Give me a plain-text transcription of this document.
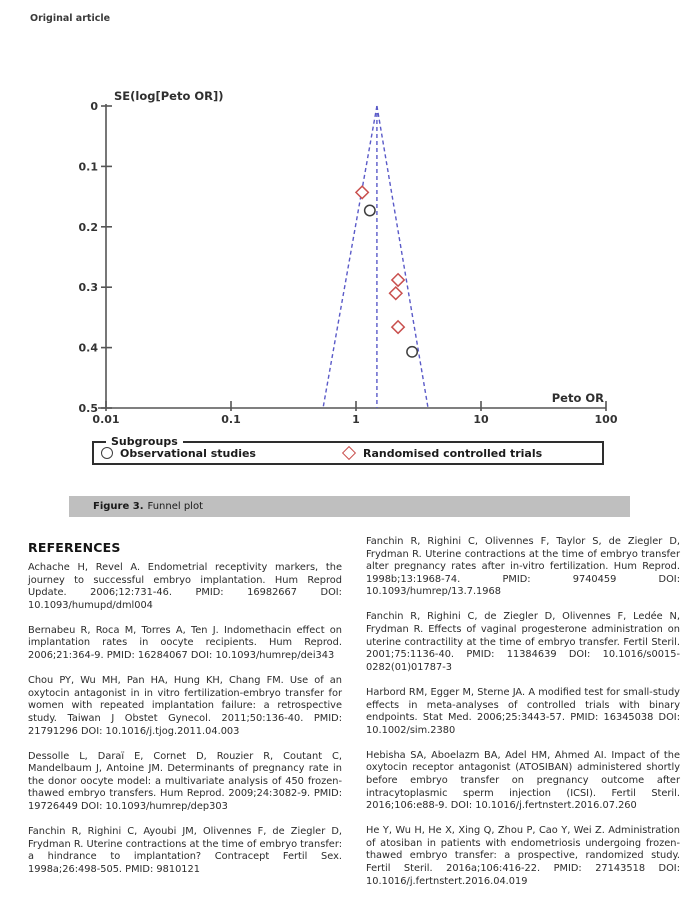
Original article
0
0.1
0.2
0.3
0.4
0.5
0.01	0.1	1	10	100
SE(log[Peto OR])
Peto OR
Subgroups
Observational studies	Randomised controlled trials
Figure 3. Funnel plot
REFERENCES

Achache H, Revel A. Endometrial receptivity markers, the journey to successful embryo implantation. Hum Reprod Update. 2006;12:731-46. PMID: 16982667 DOI: 10.1093/humupd/dml004

Bernabeu R, Roca M, Torres A, Ten J. Indomethacin effect on implantation rates in oocyte recipients. Hum Reprod. 2006;21:364-9. PMID: 16284067 DOI: 10.1093/humrep/dei343

Chou PY, Wu MH, Pan HA, Hung KH, Chang FM. Use of an oxytocin antagonist in in vitro fertilization-embryo transfer for women with repeated implantation failure: a retrospective study. Taiwan J Obstet Gynecol. 2011;50:136-40. PMID: 21791296 DOI: 10.1016/j.tjog.2011.04.003

Dessolle L, Daraï E, Cornet D, Rouzier R, Coutant C, Mandelbaum J, Antoine JM. Determinants of pregnancy rate in the donor oocyte model: a multivariate analysis of 450 frozen-thawed embryo transfers. Hum Reprod. 2009;24:3082-9. PMID: 19726449 DOI: 10.1093/humrep/dep303

Fanchin R, Righini C, Ayoubi JM, Olivennes F, de Ziegler D, Frydman R. Uterine contractions at the time of embryo transfer: a hindrance to implantation? Contracept Fertil Sex. 1998a;26:498-505. PMID: 9810121

Fanchin R, Righini C, Olivennes F, Taylor S, de Ziegler D, Frydman R. Uterine contractions at the time of embryo transfer alter pregnancy rates after in-vitro fertilization. Hum Reprod. 1998b;13:1968-74. PMID: 9740459 DOI: 10.1093/humrep/13.7.1968

Fanchin R, Righini C, de Ziegler D, Olivennes F, Ledée N, Frydman R. Effects of vaginal progesterone administration on uterine contractility at the time of embryo transfer. Fertil Steril. 2001;75:1136-40. PMID: 11384639 DOI: 10.1016/s0015-0282(01)01787-3

Harbord RM, Egger M, Sterne JA. A modified test for small-study effects in meta-analyses of controlled trials with binary endpoints. Stat Med. 2006;25:3443-57. PMID: 16345038 DOI: 10.1002/sim.2380

Hebisha SA, Aboelazm BA, Adel HM, Ahmed AI. Impact of the oxytocin receptor antagonist (ATOSIBAN) administered shortly before embryo transfer on pregnancy outcome after intracytoplasmic sperm injection (ICSI). Fertil Steril. 2016;106:e88-9. DOI: 10.1016/j.fertnstert.2016.07.260

He Y, Wu H, He X, Xing Q, Zhou P, Cao Y, Wei Z. Administration of atosiban in patients with endometriosis undergoing frozen-thawed embryo transfer: a prospective, randomized study. Fertil Steril. 2016a;106:416-22. PMID: 27143518 DOI: 10.1016/j.fertnstert.2016.04.019
